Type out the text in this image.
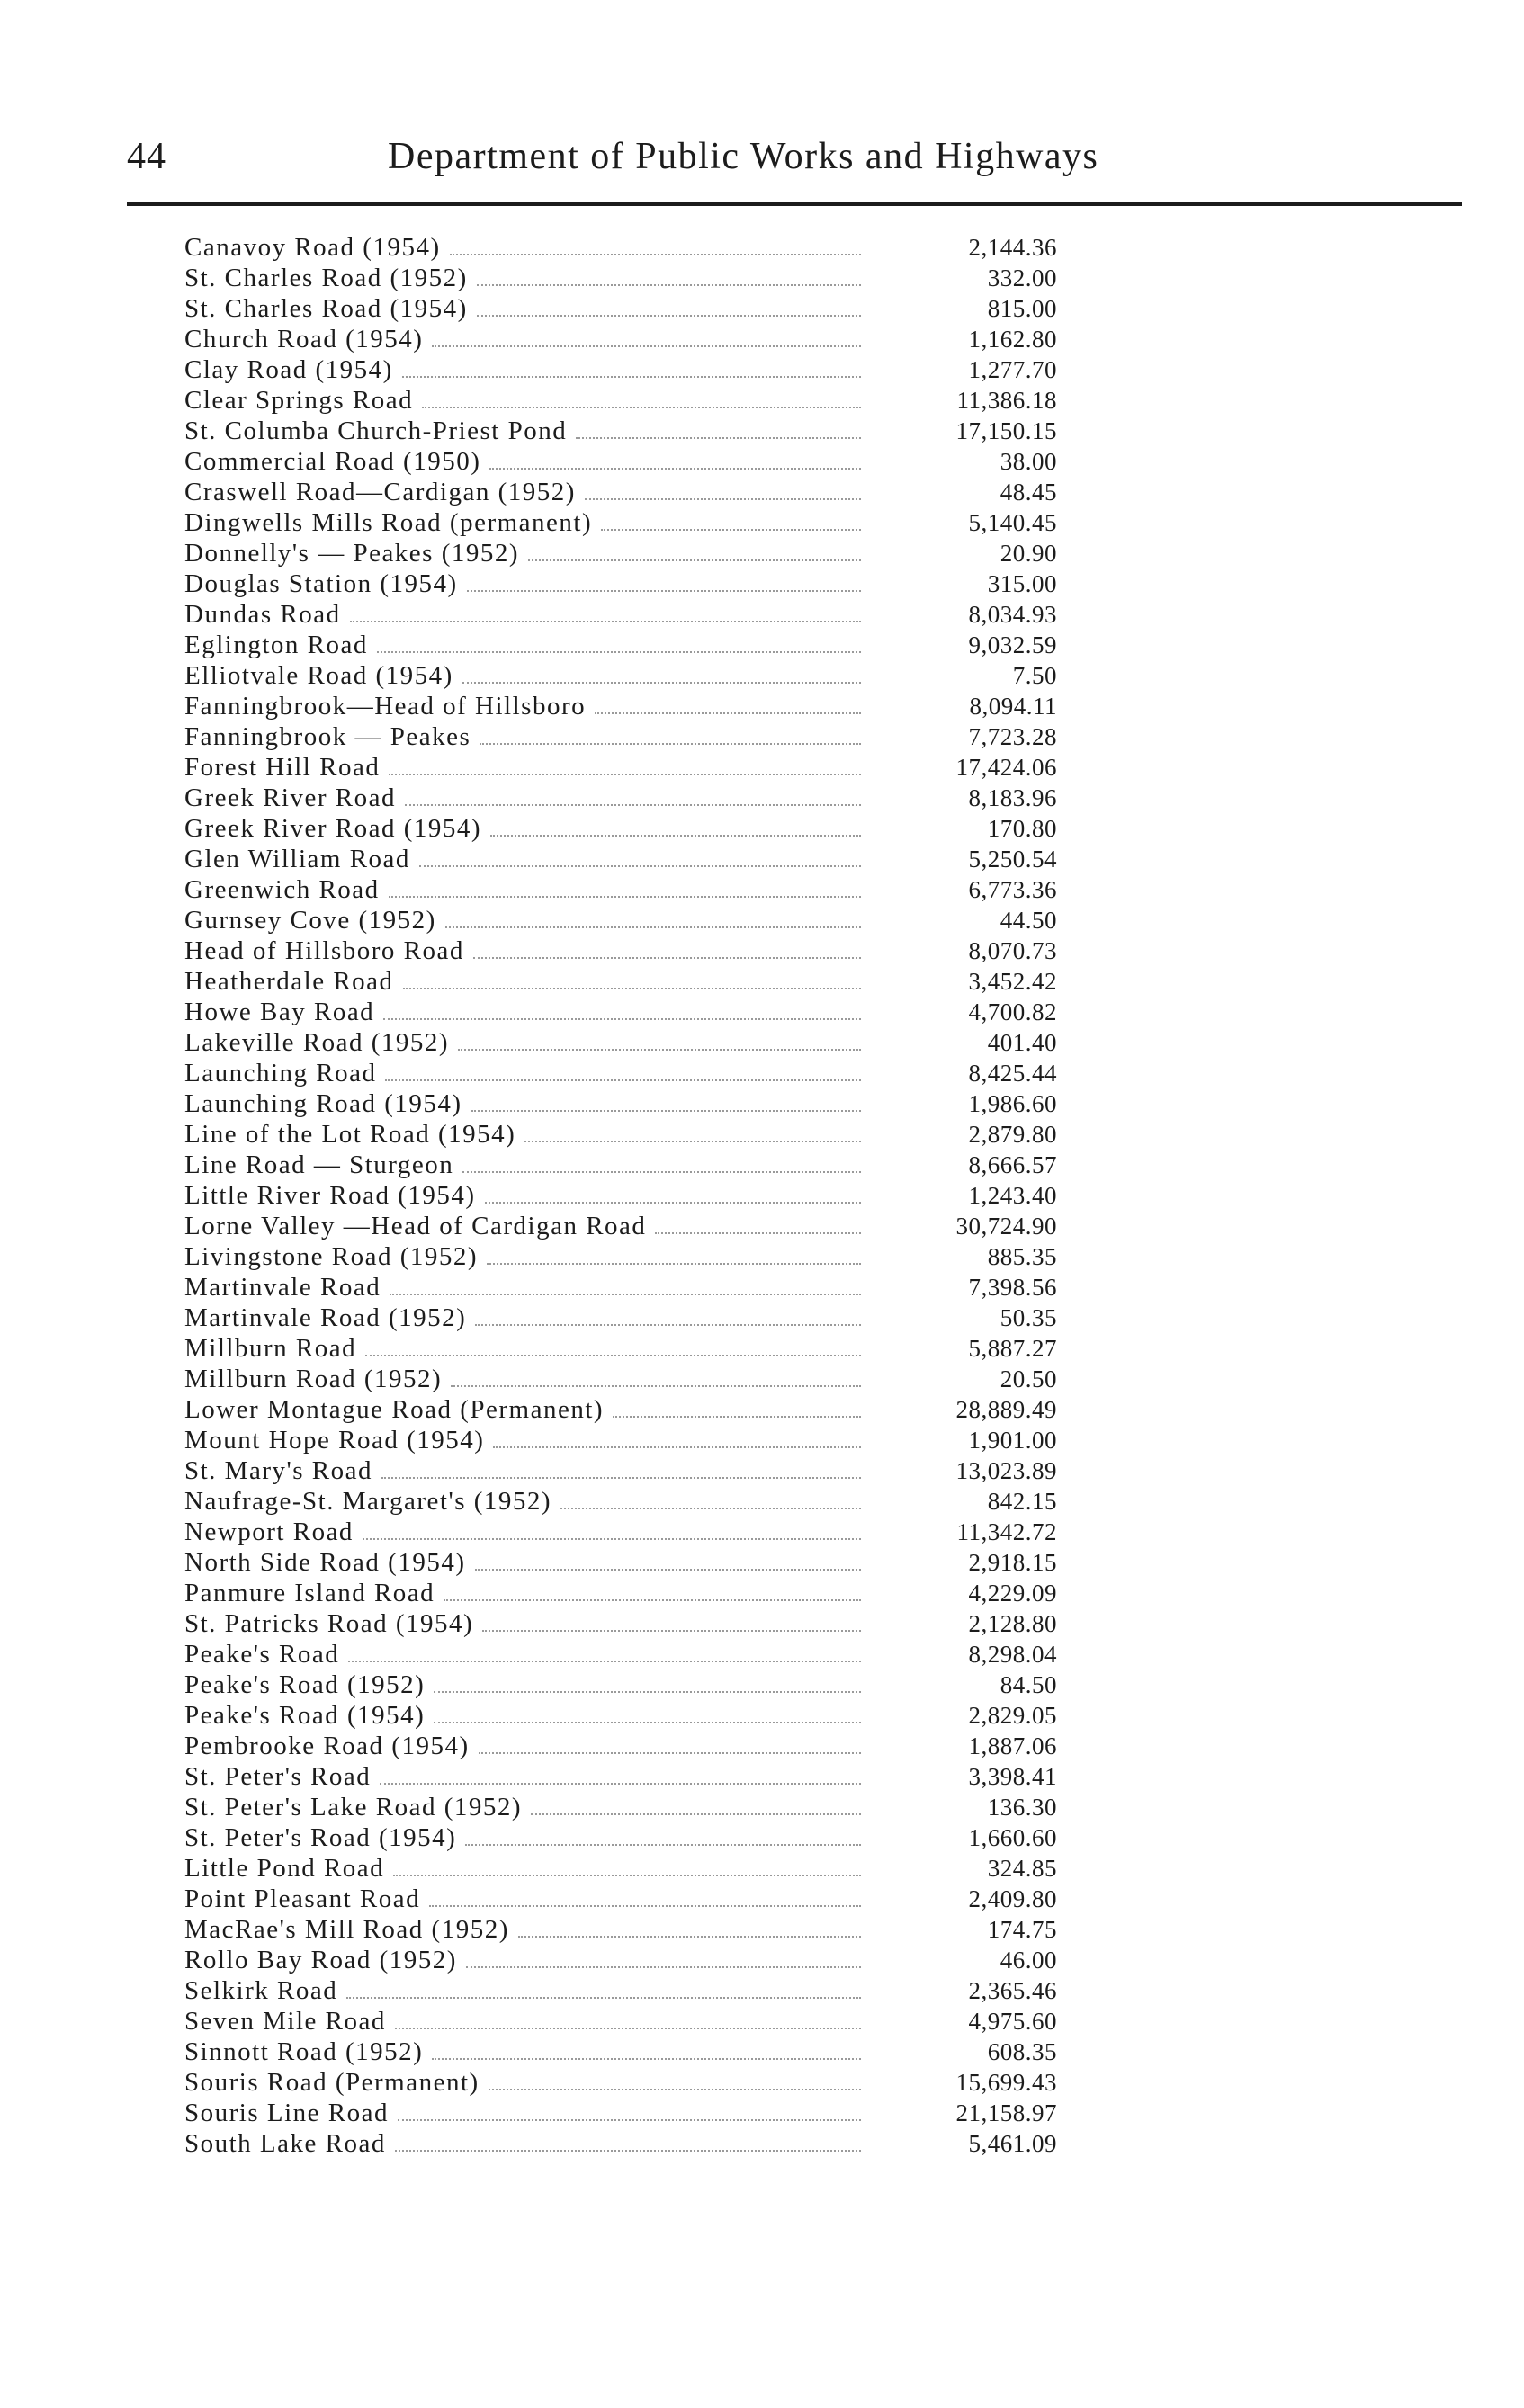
44	Department of Public Works and Highways
Canavoy Road (1954)	2,144.36
St. Charles Road (1952)	332.00
St. Charles Road (1954)	815.00
Church Road (1954)	1,162.80
Clay Road (1954)	1,277.70
Clear Springs Road	11,386.18
St. Columba Church-Priest Pond	17,150.15
Commercial Road (1950)	38.00
Craswell Road—Cardigan (1952)	48.45
Dingwells Mills Road (permanent)	5,140.45
Donnelly's — Peakes (1952)	20.90
Douglas Station (1954)	315.00
Dundas Road	8,034.93
Eglington Road	9,032.59
Elliotvale Road (1954)	7.50
Fanningbrook—Head of Hillsboro	8,094.11
Fanningbrook — Peakes	7,723.28
Forest Hill Road	17,424.06
Greek River Road	8,183.96
Greek River Road (1954)	170.80
Glen William Road	5,250.54
Greenwich Road	6,773.36
Gurnsey Cove (1952)	44.50
Head of Hillsboro Road	8,070.73
Heatherdale Road	3,452.42
Howe Bay Road	4,700.82
Lakeville Road (1952)	401.40
Launching Road	8,425.44
Launching Road (1954)	1,986.60
Line of the Lot Road (1954)	2,879.80
Line Road — Sturgeon	8,666.57
Little River Road (1954)	1,243.40
Lorne Valley —Head of Cardigan Road	30,724.90
Livingstone Road (1952)	885.35
Martinvale Road	7,398.56
Martinvale Road (1952)	50.35
Millburn Road	5,887.27
Millburn Road (1952)	20.50
Lower Montague Road (Permanent)	28,889.49
Mount Hope Road (1954)	1,901.00
St. Mary's Road	13,023.89
Naufrage-St. Margaret's (1952)	842.15
Newport Road	11,342.72
North Side Road (1954)	2,918.15
Panmure Island Road	4,229.09
St. Patricks Road (1954)	2,128.80
Peake's Road	8,298.04
Peake's Road (1952)	84.50
Peake's Road (1954)	2,829.05
Pembrooke Road (1954)	1,887.06
St. Peter's Road	3,398.41
St. Peter's Lake Road (1952)	136.30
St. Peter's Road (1954)	1,660.60
Little Pond Road	324.85
Point Pleasant Road	2,409.80
MacRae's Mill Road (1952)	174.75
Rollo Bay Road (1952)	46.00
Selkirk Road	2,365.46
Seven Mile Road	4,975.60
Sinnott Road (1952)	608.35
Souris Road (Permanent)	15,699.43
Souris Line Road	21,158.97
South Lake Road	5,461.09
